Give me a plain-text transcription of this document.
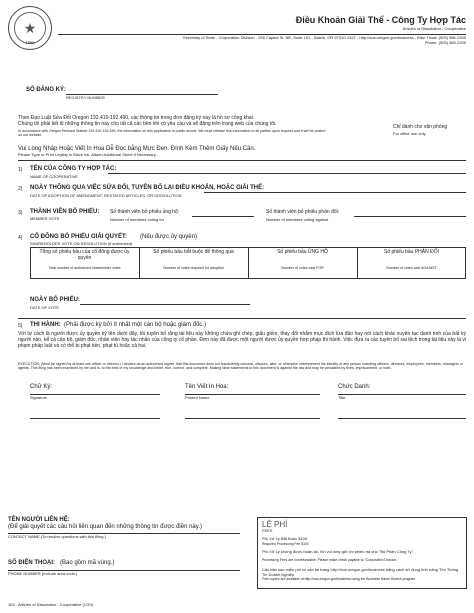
★
1859
Điều Khoản Giải Thể - Công Ty Hợp Tác
Articles of Dissolution - Cooperative
Secretary of State - Corporation Division - 255 Capitol St. NE, Suite 151 - Salem, OR 97310-1327 - http://sos.oregon.gov/business - Điện Thoại: (503) 986-2200
Phone: (503) 986-2200
SỐ ĐĂNG KÝ:
REGISTRY NUMBER
Theo Đạo Luật Sửa Đổi Oregon 192.410-192.490, các thông tin trong đơn đăng ký này là hồ sơ công khai.
Chúng tôi phải tiết lộ những thông tin này cho tất cả các bên khi có yêu cầu và sẽ đăng trên trang web của chúng tôi.
In accordance with Oregon Revised Statute 192.410-192.490, the information on this application is public record. We must release this information to all parties upon request and it will be posted on our website.
Chỉ dành cho văn phòng
For office use only
Vui Lòng Nhập Hoặc Viết In Hoa Dễ Đọc bằng Mực Đen. Đính Kèm Thêm Giấy Nếu Cần.
Please Type or Print Legibly in Black Ink. Attach Additional Sheet if Necessary.
1) TÊN CỦA CÔNG TY HỢP TÁC:
NAME OF COOPERATIVE
2) NGÀY THÔNG QUA VIỆC SỬA ĐỔI, TUYÊN BỐ LẠI ĐIỀU KHOẢN, HOẶC GIẢI THỂ:
DATE OF ADOPTION OF AMENDMENT, RESTATED ARTICLES, OR DISSOLUTION
3) THÀNH VIÊN BỎ PHIẾU:
MEMBER VOTE
Số thành viên bỏ phiếu ủng hộ:
Number of members voting for
Số thành viên bỏ phiếu phản đối:
Number of members voting against
4) CỔ ĐÔNG BỎ PHIẾU GIẢI QUYẾT: (Nếu được ủy quyền)
SHAREHOLDER VOTE ON RESOLUTION (if authorized)
Tổng số phiếu bầu của cổ đông được ủy quyền
Total number of authorized shareholder votes
Số phiếu bầu bắt buộc để thông qua
Number of votes required for adoption
Số phiếu bầu ỦNG HỘ
Number of votes cast FOR
Số phiếu bầu PHẢN ĐỐI
Number of votes cast AGAINST
NGÀY BỎ PHIẾU:
DATE OF VOTE
5) THI HÀNH: (Phải được ký bởi ít nhất một cán bộ hoặc giám đốc.)
Với tư cách là người được ủy quyền ký tên dưới đây, tôi tuyên bố rằng tài liệu này không chứa ghi chép, giấu giếm, thay đổi nhằm mục đích lừa đảo hay nói cách khác xuyên tạc danh tính của bất kỳ người nào, kể cả cán bộ, giám đốc, nhân viên hay tác nhân của công ty cổ phần. Đơn này đã được một người được ủy quyền hợp pháp thi hành. Việc đưa ra các tuyên bố sai lệch trong tài liệu này là vi phạm pháp luật và có thể bị phạt tiền, phạt tù hoặc cả hai.
EXECUTION: (Must be signed by at least one officer or director.) I declare as an authorized signer, that this document does not fraudulently conceal, obscure, alter, or otherwise misrepresent the identity of any person including officers, directors, employees, members, managers or agents. This filing has been examined by me and is, to the best of my knowledge and belief, true, correct, and complete. Making false statements in this document is against the law and may be penalized by fines, imprisonment, or both.
Chữ Ký:
Signature
Tên Viết In Hoa:
Printed Name
Chức Danh:
Title
TÊN NGƯỜI LIÊN HỆ:
(Để giải quyết các câu hỏi liên quan đến những thông tin được điền này.)
CONTACT NAME (To resolve questions with this filing.)
SỐ ĐIỆN THOẠI: (Bao gồm mã vùng.)
PHONE NUMBER (Include area code.)
LỆ PHÍ
FEES
Phí Xử Lý Bắt Buộc $100
Required Processing Fee $100
Phí Xử Lý không được hoàn lại. Xin vui lòng gửi chi phiếu trả cho "Bộ Phận Công Ty."
Processing Fees are nonrefundable. Please make check payable to "Corporation Division."
Các bản sao miễn phí có sẵn tại trang http://sos.oregon.gov/business bằng cách sử dụng tính năng Tìm Thông Tin Doanh Nghiệp.
Free copies are available at http://sos.oregon.gov/business using the Business Name Search program.
163 - Articles of Dissolution - Cooperative (1/20)
